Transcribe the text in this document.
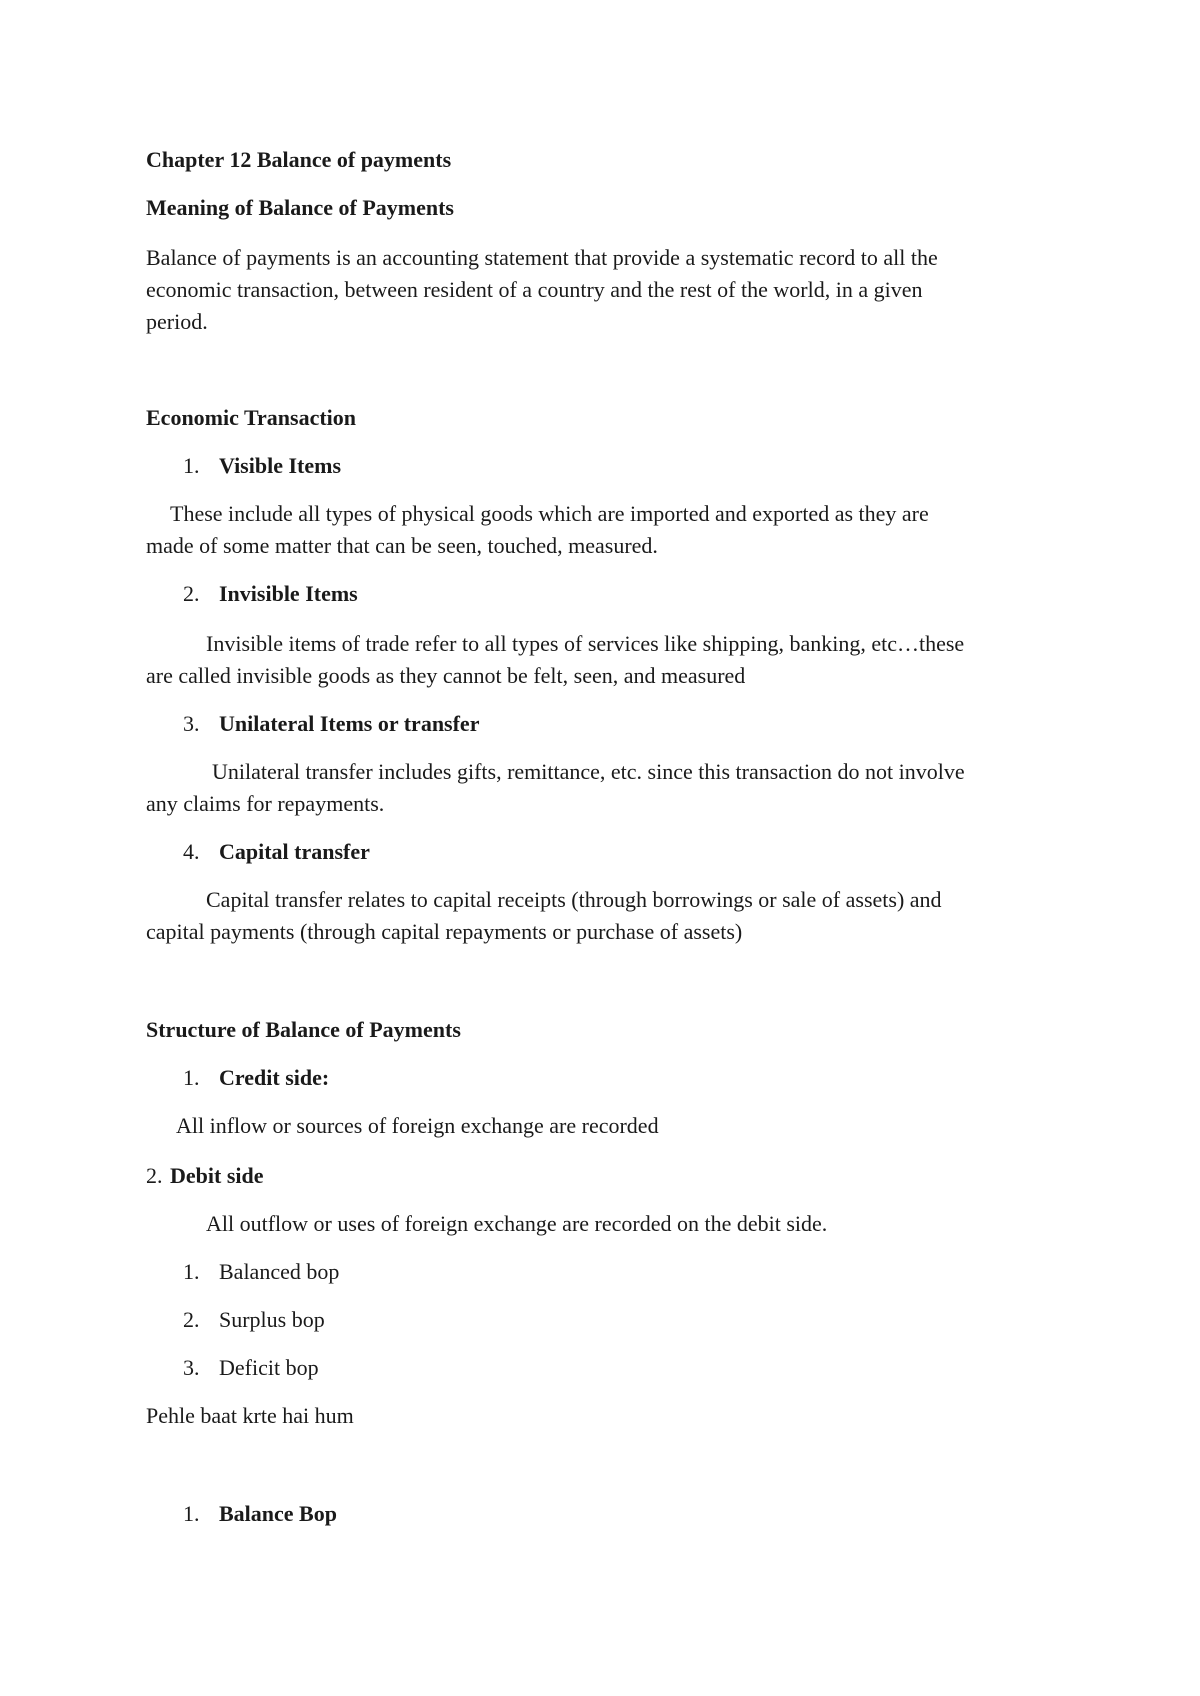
Chapter 12 Balance of payments
Meaning of Balance of Payments
Balance of payments is an accounting statement that provide a systematic record to all the
economic transaction, between resident of a country and the rest of the world, in a given
period.
Economic Transaction
1. Visible Items
These include all types of physical goods which are imported and exported as they are
made of some matter that can be seen, touched, measured.
2. Invisible Items
Invisible items of trade refer to all types of services like shipping, banking, etc…these
are called invisible goods as they cannot be felt, seen, and measured
3. Unilateral Items or transfer
Unilateral transfer includes gifts, remittance, etc. since this transaction do not involve
any claims for repayments.
4. Capital transfer
Capital transfer relates to capital receipts (through borrowings or sale of assets) and
capital payments (through capital repayments or purchase of assets)
Structure of Balance of Payments
1. Credit side:
All inflow or sources of foreign exchange are recorded
2. Debit side
All outflow or uses of foreign exchange are recorded on the debit side.
1. Balanced bop
2. Surplus bop
3. Deficit bop
Pehle baat krte hai hum
1. Balance Bop
